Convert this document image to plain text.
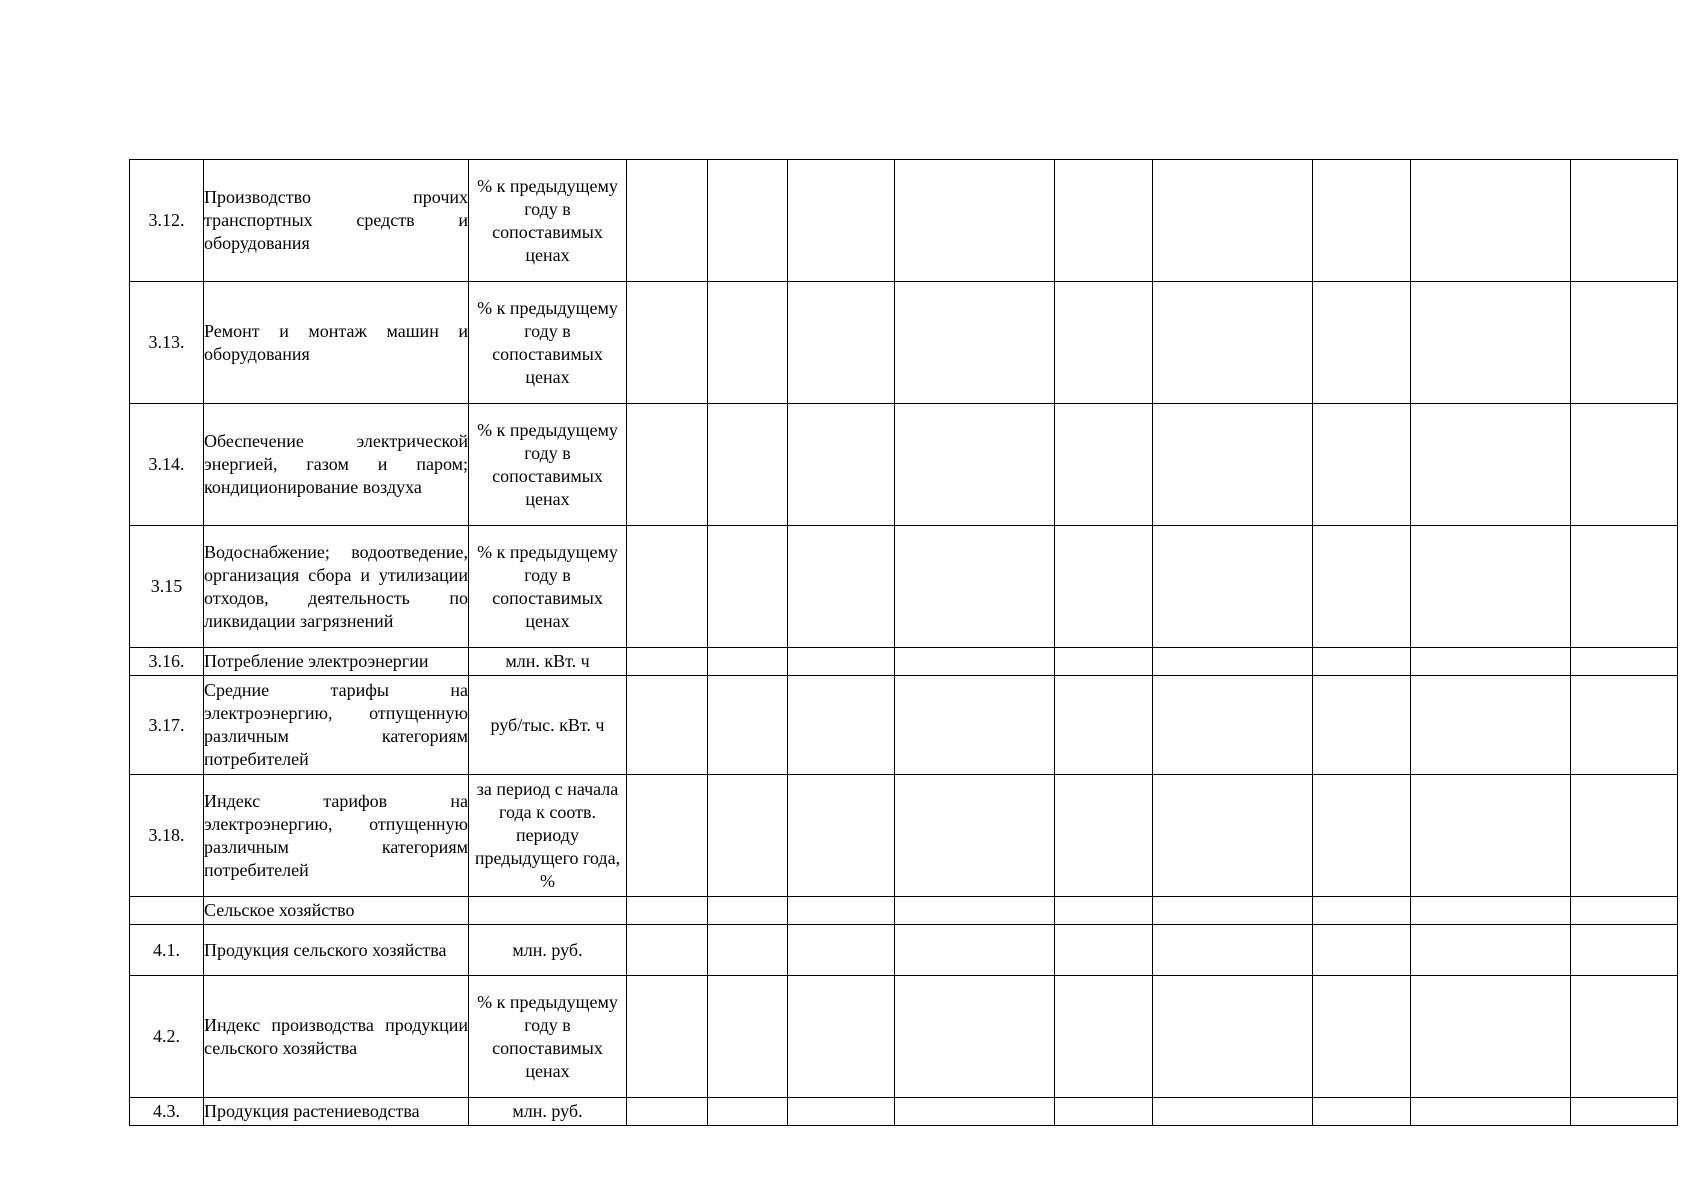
3.12.	Производство прочих транспортных средств и оборудования	% к предыдущему году в сопоставимых ценах									
3.13.	Ремонт и монтаж машин и оборудования	% к предыдущему году в сопоставимых ценах									
3.14.	Обеспечение электрической энергией, газом и паром; кондиционирование воздуха	% к предыдущему году в сопоставимых ценах									
3.15	Водоснабжение; водоотведение, организация сбора и утилизации отходов, деятельность по ликвидации загрязнений	% к предыдущему году в сопоставимых ценах									
3.16.	Потребление электроэнергии	млн. кВт. ч									
3.17.	Средние тарифы на электроэнергию, отпущенную различным категориям потребителей	руб/тыс. кВт. ч									
3.18.	Индекс тарифов на электроэнергию, отпущенную различным категориям потребителей	за период с начала года к соотв. периоду предыдущего года, %									
	Сельское хозяйство										
4.1.	Продукция сельского хозяйства	млн. руб.									
4.2.	Индекс производства продукции сельского хозяйства	% к предыдущему году в сопоставимых ценах									
4.3.	Продукция растениеводства	млн. руб.									
